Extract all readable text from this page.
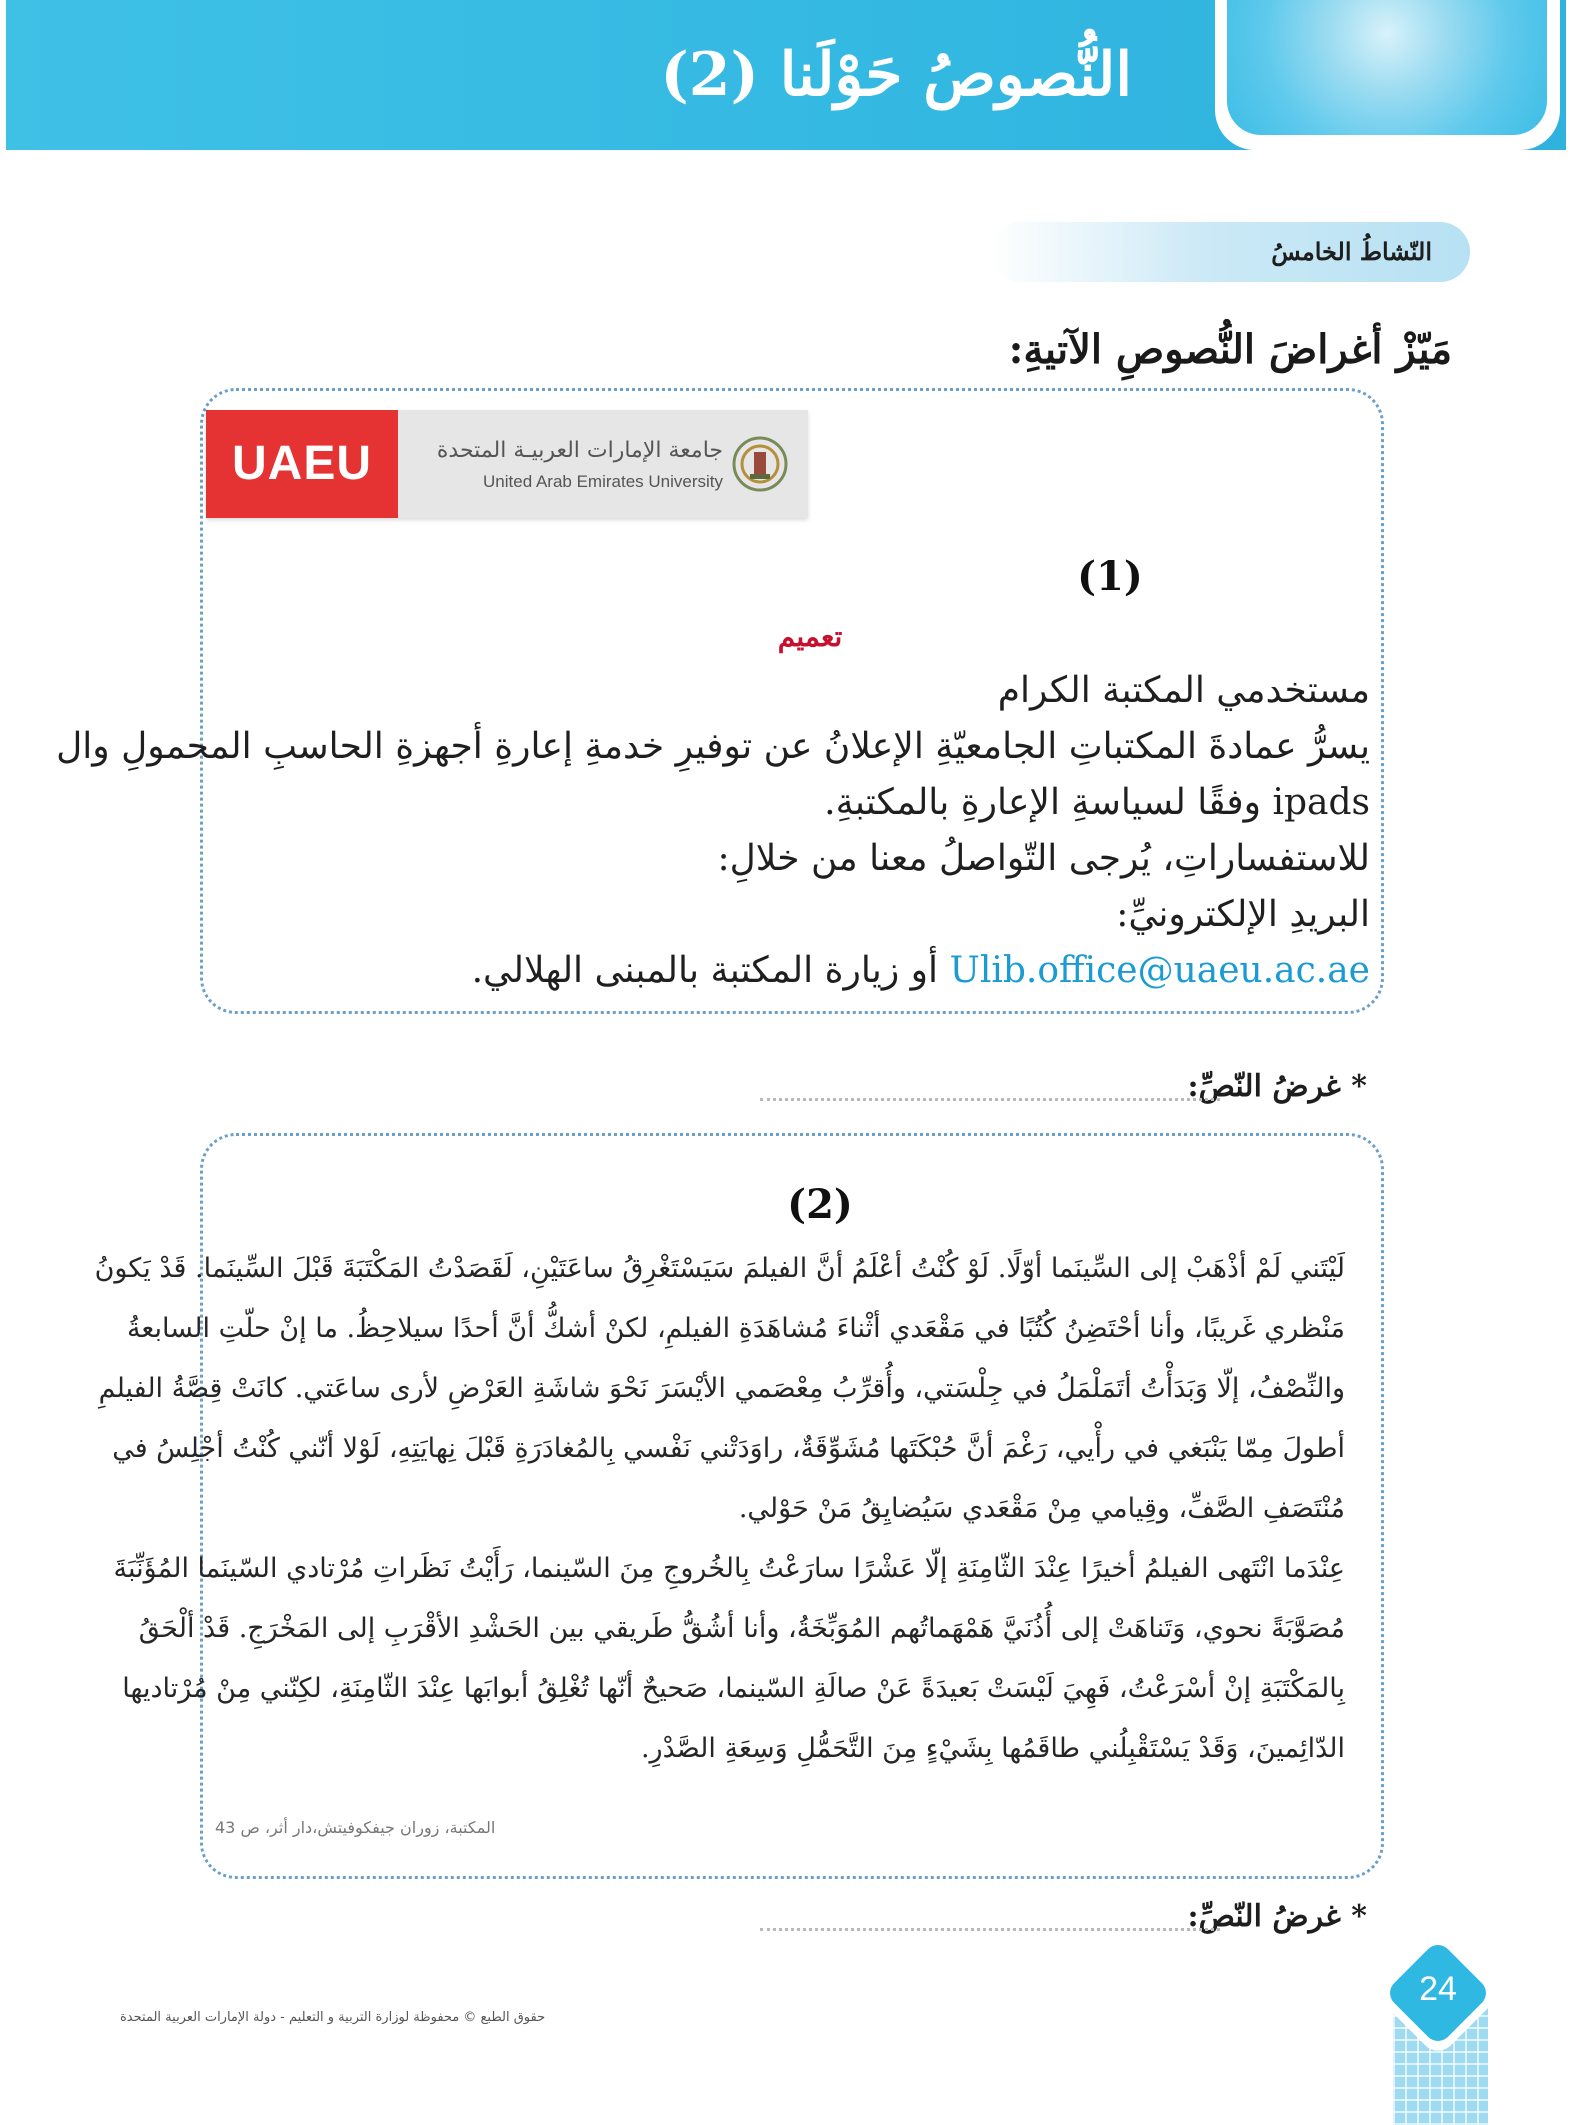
النُّصوصُ حَوْلَنا (2)
النّشاطُ الخامسُ
مَيّزْ أغراضَ النُّصوصِ الآتيةِ:
UAEU	جامعة الإمارات العربيـة المتحدة
United Arab Emirates University
(1)
تعميم
مستخدمي المكتبة الكرام
يسرُّ عمادةَ المكتباتِ الجامعيّةِ الإعلانُ عن توفيرِ خدمةِ إعارةِ أجهزةِ الحاسبِ المحمولِ وال
ipads وفقًا لسياسةِ الإعارةِ بالمكتبةِ.
للاستفساراتِ، يُرجى التّواصلُ معنا من خلالِ:
البريدِ الإلكترونيِّ:
Ulib.office@uaeu.ac.ae أو زيارة المكتبة بالمبنى الهلالي.
* غرضُ النّصِّ:
(2)
لَيْتَني لَمْ أذْهَبْ إلى السِّينَما أوّلًا. لَوْ كُنْتُ أعْلَمُ أنَّ الفيلمَ سَيَسْتَغْرِقُ ساعَتَيْنِ، لَقَصَدْتُ المَكْتَبَةَ قَبْلَ السِّينَما. قَدْ يَكونُ
مَنْظري غَريبًا، وأنا أحْتَضِنُ كُتُبًا في مَقْعَدي أثْناءَ مُشاهَدَةِ الفيلمِ، لكنْ أشكُّ أنَّ أحدًا سيلاحِظُ. ما إنْ حلّتِ السابعةُ
والنِّصْفُ، إلّا وَبَدَأْتُ أتَمَلْمَلُ في جِلْسَتي، وأُقرِّبُ مِعْصَمي الأيْسَرَ نَحْوَ شاشَةِ العَرْضِ لأرى ساعَتي. كانَتْ قِصَّةُ الفيلمِ
أطولَ مِمّا يَنْبَغي في رأْيي، رَغْمَ أنَّ حُبْكَتَها مُشَوِّقَةٌ، راوَدَتْني نَفْسي بِالمُغادَرَةِ قَبْلَ نِهايَتِهِ، لَوْلا أنّني كُنْتُ أجْلِسُ في
مُنْتَصَفِ الصَّفِّ، وقِيامي مِنْ مَقْعَدي سَيُضايِقُ مَنْ حَوْلي.
عِنْدَما انْتَهى الفيلمُ أخيرًا عِنْدَ الثّامِنَةِ إلّا عَشْرًا سارَعْتُ بِالخُروجِ مِنَ السّينما، رَأَيْتُ نَظَراتِ مُرْتادي السّينَما المُؤَنِّبَةَ
مُصَوَّبَةً نحوي، وَتَناهَتْ إلى أُذُنَيَّ هَمْهَماتُهم المُوَبِّخَةُ، وأنا أشُقُّ طَريقي بين الحَشْدِ الأقْرَبِ إلى المَخْرَجِ. قَدْ ألْحَقُ
بِالمَكْتَبَةِ إنْ أسْرَعْتُ، فَهِيَ لَيْسَتْ بَعيدَةً عَنْ صالَةِ السّينما، صَحيحٌ أنّها تُغْلِقُ أبوابَها عِنْدَ الثّامِنَةِ، لكِنّني مِنْ مُرْتاديها
الدّائِمينَ، وَقَدْ يَسْتَقْبِلُني طاقَمُها بِشَيْءٍ مِنَ التَّحَمُّلِ وَسِعَةِ الصَّدْرِ.
المكتبة، زوران جيفكوفيتش،دار أثر، ص 43
* غرضُ النّصِّ:
حقوق الطبع © محفوظة لوزارة التربية و التعليم - دولة الإمارات العربية المتحدة
24
